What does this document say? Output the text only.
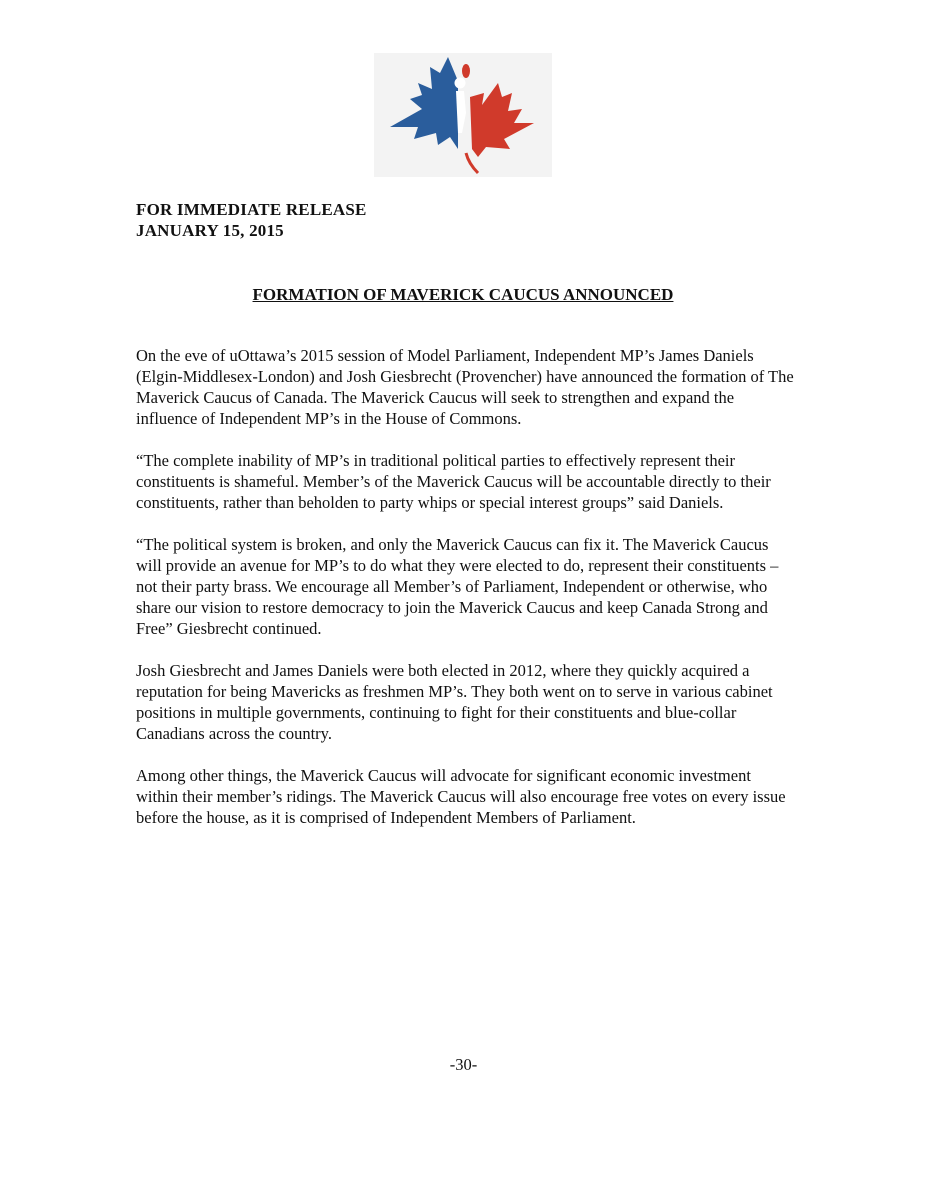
FOR IMMEDIATE RELEASE
JANUARY 15, 2015
FORMATION OF MAVERICK CAUCUS ANNOUNCED

On the eve of uOttawa’s 2015 session of Model Parliament, Independent MP’s James Daniels (Elgin-Middlesex-London) and Josh Giesbrecht (Provencher) have announced the formation of The Maverick Caucus of Canada. The Maverick Caucus will seek to strengthen and expand the influence of Independent MP’s in the House of Commons.

“The complete inability of MP’s in traditional political parties to effectively represent their constituents is shameful. Member’s of the Maverick Caucus will be accountable directly to their constituents, rather than beholden to party whips or special interest groups” said Daniels.

“The political system is broken, and only the Maverick Caucus can fix it. The Maverick Caucus will provide an avenue for MP’s to do what they were elected to do, represent their constituents – not their party brass. We encourage all Member’s of Parliament, Independent or otherwise, who share our vision to restore democracy to join the Maverick Caucus and keep Canada Strong and Free” Giesbrecht continued.

Josh Giesbrecht and James Daniels were both elected in 2012, where they quickly acquired a reputation for being Mavericks as freshmen MP’s. They both went on to serve in various cabinet positions in multiple governments, continuing to fight for their constituents and blue-collar Canadians across the country.

Among other things, the Maverick Caucus will advocate for significant economic investment within their member’s ridings. The Maverick Caucus will also encourage free votes on every issue before the house, as it is comprised of Independent Members of Parliament.

-30-
